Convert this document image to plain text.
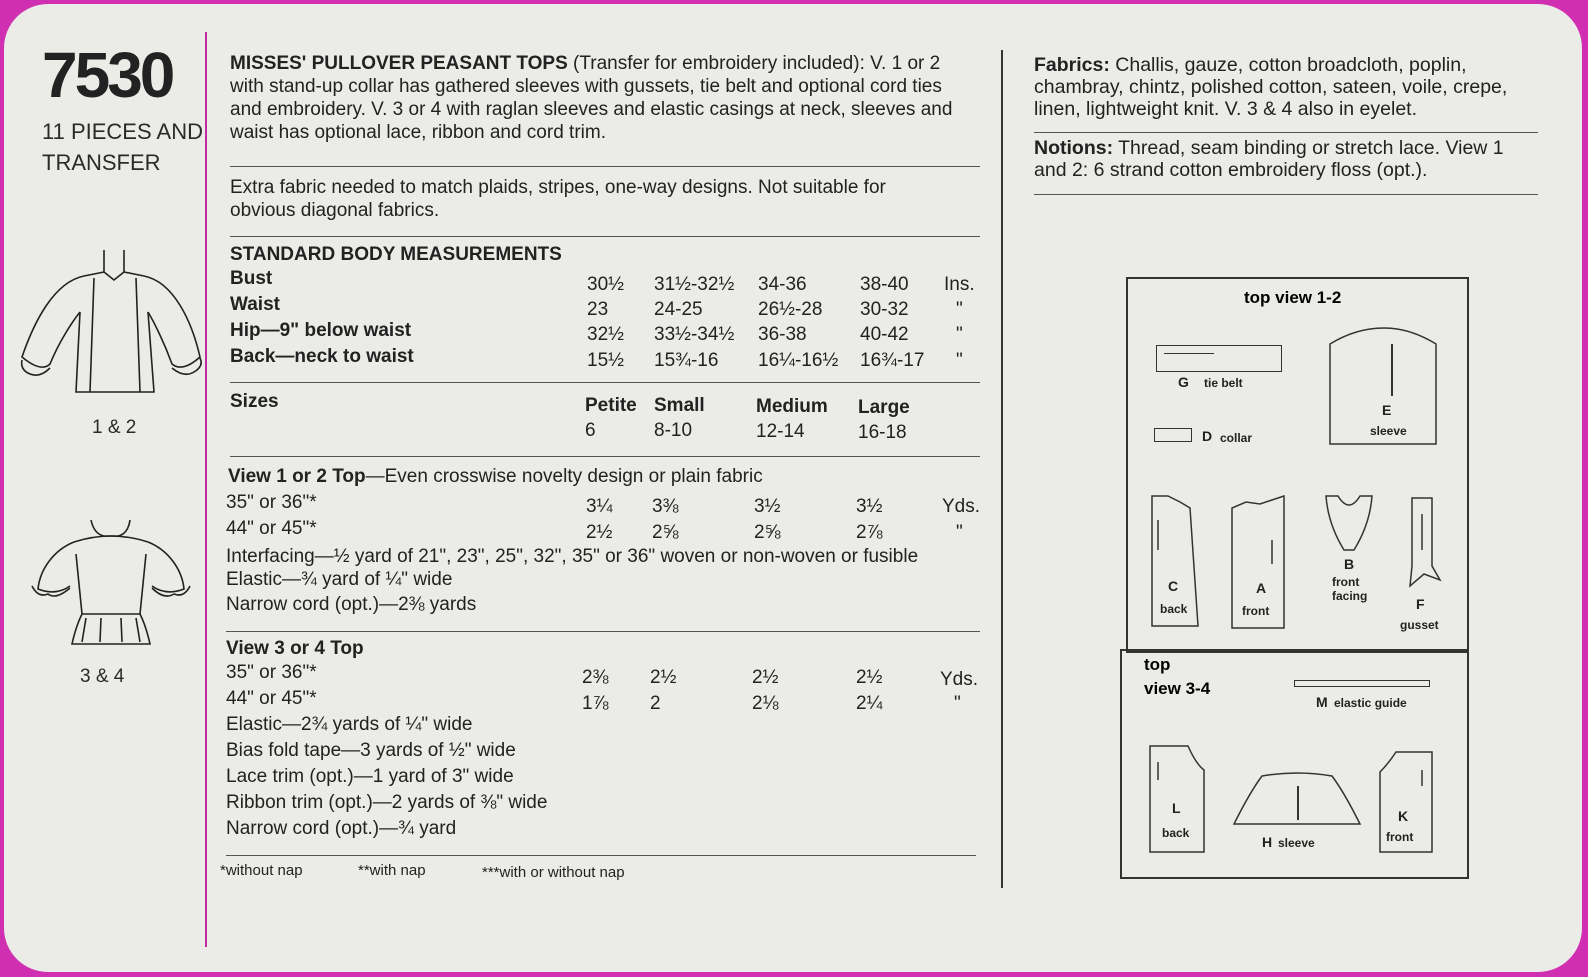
7530
11 PIECES AND
TRANSFER
1 & 2
3 & 4
MISSES' PULLOVER PEASANT TOPS (Transfer for embroidery included): V. 1 or 2
with stand-up collar has gathered sleeves with gussets, tie belt and optional cord ties
and embroidery. V. 3 or 4 with raglan sleeves and elastic casings at neck, sleeves and
waist has optional lace, ribbon and cord trim.
Extra fabric needed to match plaids, stripes, one-way designs. Not suitable for
obvious diagonal fabrics.
STANDARD BODY MEASUREMENTS
Bust	30½ 31½-32½ 34-36	38-40 Ins.
Waist	23 24-25	26½-28 30-32 "
Hip—9" below waist	32½ 33½-34½ 36-38	40-42 "
Back—neck to waist	15½ 15¾-16 16¼-16½ 16¾-17 "
Sizes	Petite Small	Medium Large
6	8-10	12-14	16-18
View 1 or 2 Top—Even crosswise novelty design or plain fabric
35" or 36"*	3¼ 3⅜	3½	3½	Yds.
44" or 45"*	2½ 2⅝	2⅝	2⅞	"
Interfacing—½ yard of 21", 23", 25", 32", 35" or 36" woven or non-woven or fusible
Elastic—¾ yard of ¼" wide
Narrow cord (opt.)—2⅜ yards
View 3 or 4 Top
35" or 36"*	2⅜ 2½	2½	2½	Yds.
44" or 45"*	1⅞ 2	2⅛	2¼	"
Elastic—2¾ yards of ¼" wide
Bias fold tape—3 yards of ½" wide
Lace trim (opt.)—1 yard of 3" wide
Ribbon trim (opt.)—2 yards of ⅜" wide
Narrow cord (opt.)—¾ yard
*without nap	**with nap	***with or without nap
Fabrics: Challis, gauze, cotton broadcloth, poplin,
chambray, chintz, polished cotton, sateen, voile, crepe,
linen, lightweight knit. V. 3 & 4 also in eyelet.
Notions: Thread, seam binding or stretch lace. View 1
and 2: 6 strand cotton embroidery floss (opt.).
top view 1-2
G tie belt
D collar
E
sleeve
C
back
A
front
B
front
facing	F
gusset
top
view 3-4
M elastic guide
L
back
H sleeve
K
front
